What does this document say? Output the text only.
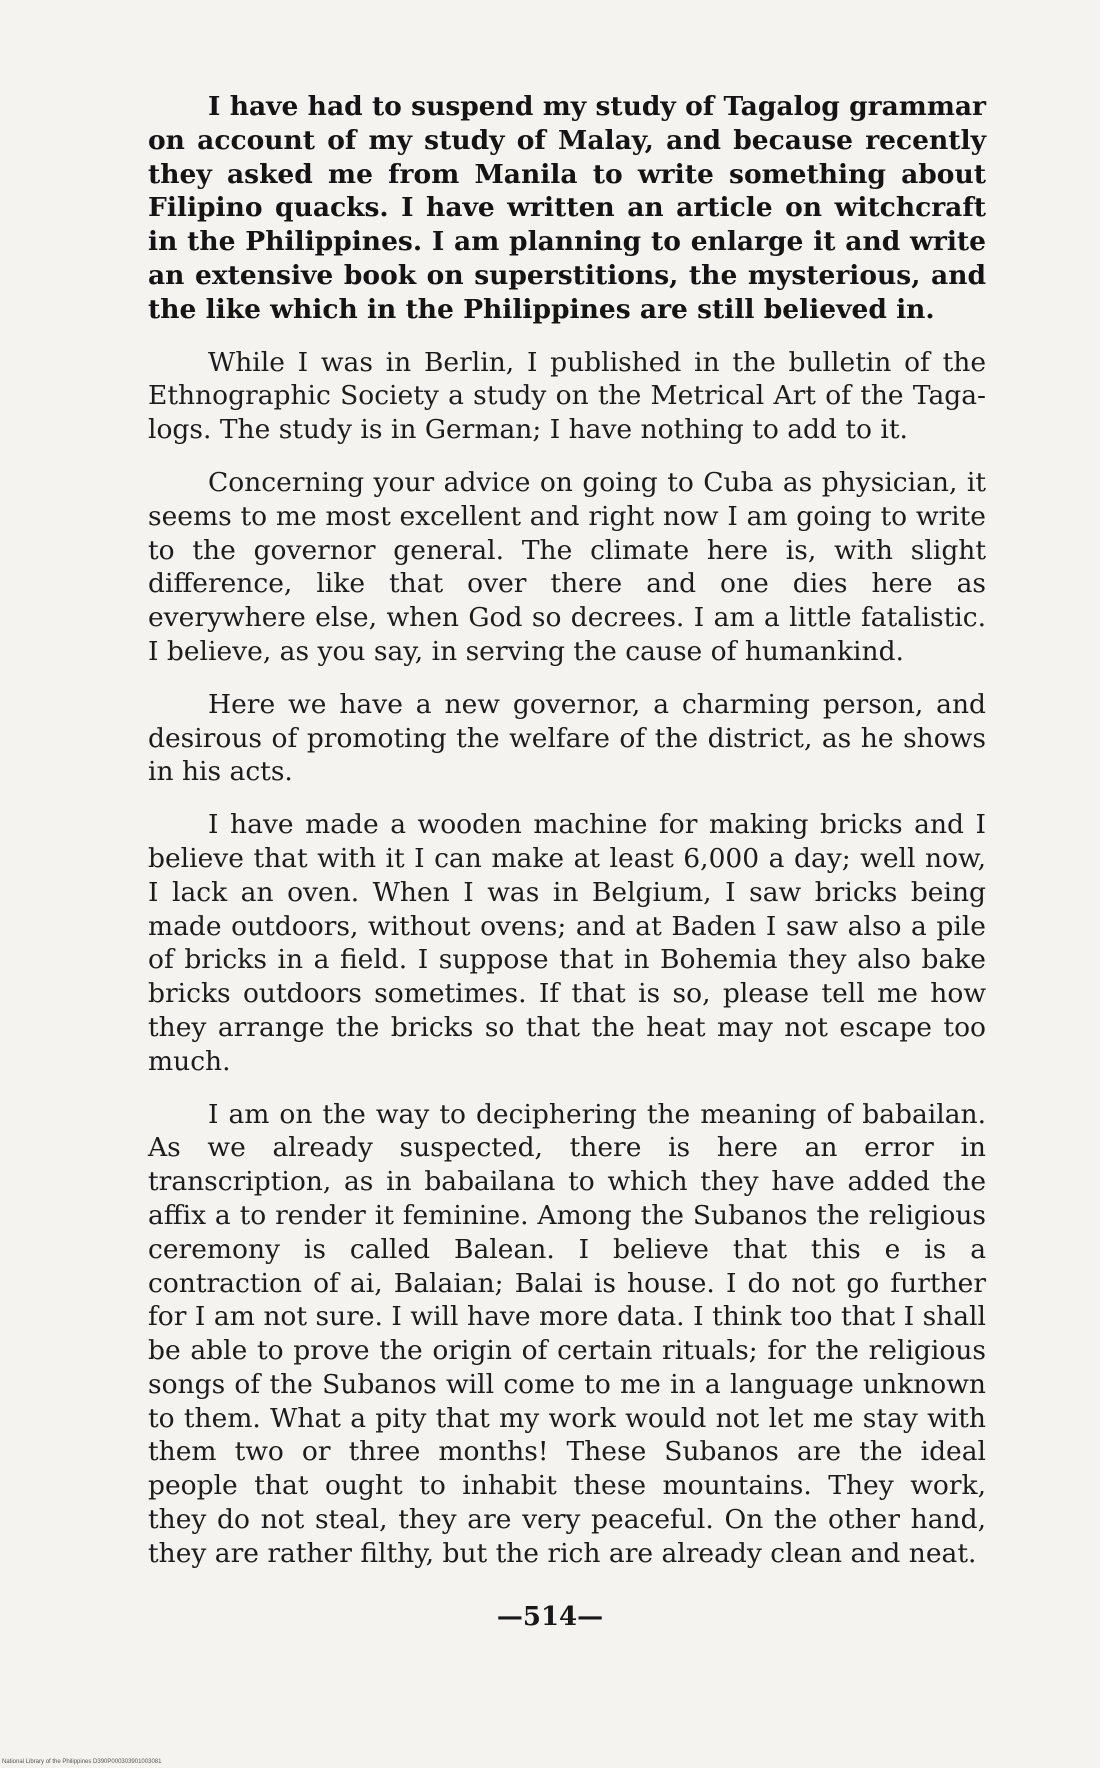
I have had to suspend my study of Tagalog grammar on account of my study of Malay, and because recently they asked me from Manila to write something about Filipino quacks. I have written an article on witchcraft in the Philippines. I am planning to enlarge it and write an extensive book on superstitions, the mysterious, and the like which in the Philippines are still believed in.

While I was in Berlin, I published in the bulletin of the Ethnographic Society a study on the Metrical Art of the Tagalogs. The study is in German; I have nothing to add to it.

Concerning your advice on going to Cuba as physician, it seems to me most excellent and right now I am going to write to the governor general. The climate here is, with slight difference, like that over there and one dies here as everywhere else, when God so decrees. I am a little fatalistic. I believe, as you say, in serving the cause of humankind.

Here we have a new governor, a charming person, and desirous of promoting the welfare of the district, as he shows in his acts.

I have made a wooden machine for making bricks and I believe that with it I can make at least 6,000 a day; well now, I lack an oven. When I was in Belgium, I saw bricks being made outdoors, without ovens; and at Baden I saw also a pile of bricks in a field. I suppose that in Bohemia they also bake bricks outdoors sometimes. If that is so, please tell me how they arrange the bricks so that the heat may not escape too much.

I am on the way to deciphering the meaning of babailan. As we already suspected, there is here an error in transcription, as in babailana to which they have added the affix a to render it feminine. Among the Subanos the religious ceremony is called Balean. I believe that this e is a contraction of ai, Balaian; Balai is house. I do not go further for I am not sure. I will have more data. I think too that I shall be able to prove the origin of certain rituals; for the religious songs of the Subanos will come to me in a language unknown to them. What a pity that my work would not let me stay with them two or three months! These Subanos are the ideal people that ought to inhabit these mountains. They work, they do not steal, they are very peaceful. On the other hand, they are rather filthy, but the rich are already clean and neat.

—514—
National Library of the Philippines D390P000303901003081
